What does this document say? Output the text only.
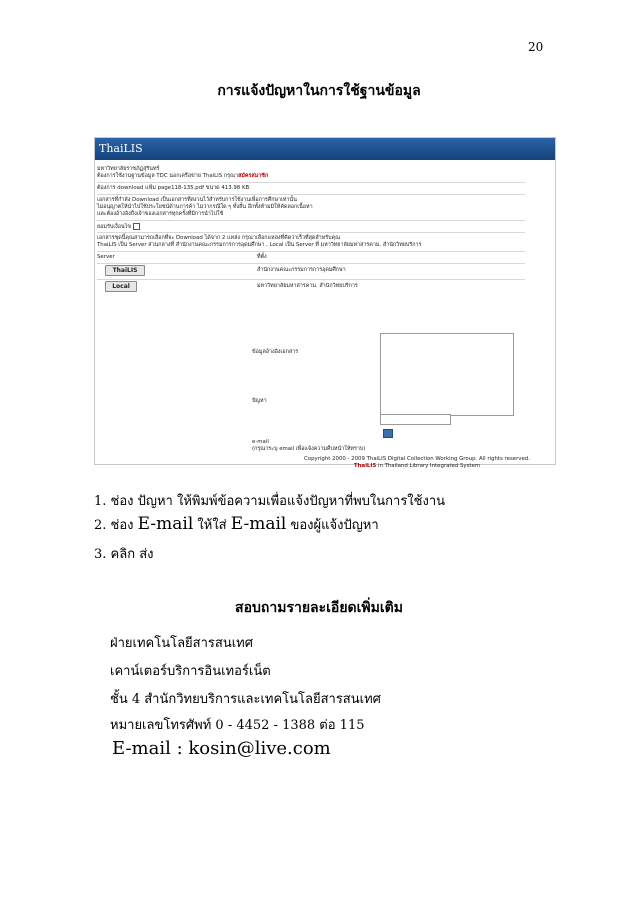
20
การแจ้งปัญหาในการใช้ฐานข้อมูล
ThaiLIS
มหาวิทยาลัยราชภัฏสุรินทร์
ต้องการใช้งานฐานข้อมูล TDC นอกเครือข่าย ThaiLIS กรุณาสมัครสมาชิก
ต้องการ download แฟ้ม page118-135.pdf ขนาด 413.98 KB
เอกสารที่กำลัง Download เป็นเอกสารที่สงวนไว้สำหรับการใช้งานเพื่อการศึกษาเท่านั้น
ไม่อนุญาตให้นำไปใช้ประโยชน์ด้านการค้า ไม่ว่ากรณีใด ๆ ทั้งสิ้น อีกทั้งห้ามมิให้คัดลอกเนื้อหา
และต้องอ้างอิงถึงเจ้าของเอกสารทุกครั้งที่มีการนำไปใช้
ยอมรับเงื่อนไข
เอกสารชุดนี้คุณสามารถเลือกที่จะ Download ได้จาก 2 แหล่ง กรุณาเลือกแหล่งที่คิดว่าเร็วที่สุดสำหรับคุณ
ThaiLIS เป็น Server ส่วนกลางที่ สำนักงานคณะกรรมการการอุดมศึกษา , Local เป็น Server ที่ มหาวิทยาลัยมหาสารคาม. สำนักวิทยบริการ
Server	ที่ตั้ง
ThaiLIS	สำนักงานคณะกรรมการการอุดมศึกษา
Local	มหาวิทยาลัยมหาสารคาม. สำนักวิทยบริการ
ข้อมูลอ้างอิงเอกสาร
ปัญหา
e-mail
(กรุณาระบุ email เพื่อแจ้งความคืบหน้าให้ทราบ)
Copyright 2000 - 2009 ThaiLIS Digital Collection Working Group. All rights reserved.
ThaiLIS in Thailand Library Integrated System
1. ช่อง ปัญหา ให้พิมพ์ข้อความเพื่อแจ้งปัญหาที่พบในการใช้งาน
2. ช่อง E-mail ให้ใส่ E-mail ของผู้แจ้งปัญหา
3. คลิก ส่ง
สอบถามรายละเอียดเพิ่มเติม
ฝ่ายเทคโนโลยีสารสนเทศ
เคาน์เตอร์บริการอินเทอร์เน็ต
ชั้น 4 สำนักวิทยบริการและเทคโนโลยีสารสนเทศ
หมายเลขโทรศัพท์ 0 - 4452 - 1388 ต่อ 115
E-mail : kosin@live.com
